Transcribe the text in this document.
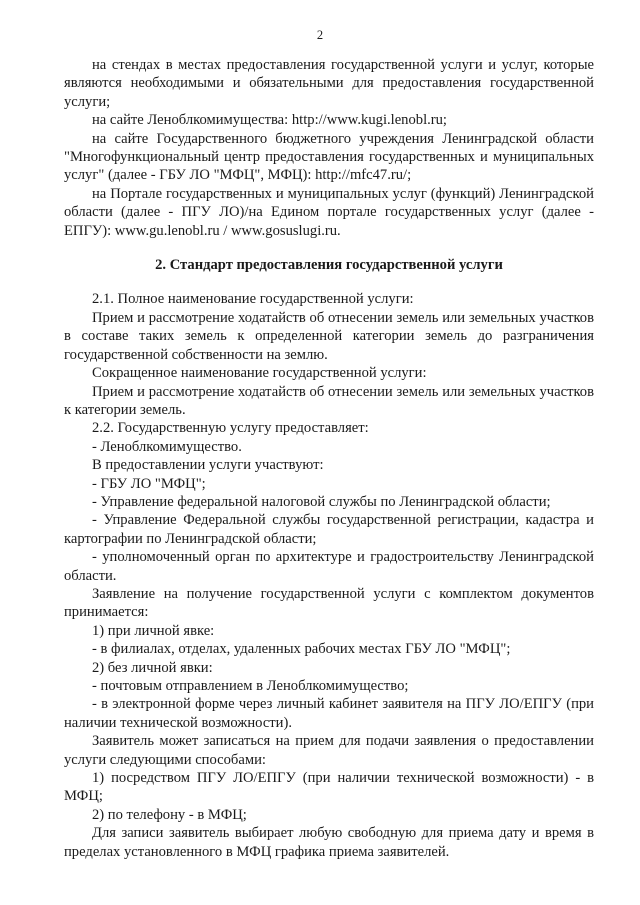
2

на стендах в местах предоставления государственной услуги и услуг, которые являются необходимыми и обязательными для предоставления государственной услуги;

на сайте Леноблкомимущества: http://www.kugi.lenobl.ru;

на сайте Государственного бюджетного учреждения Ленинградской области "Многофункциональный центр предоставления государственных и муниципальных услуг" (далее - ГБУ ЛО "МФЦ", МФЦ): http://mfc47.ru/;

на Портале государственных и муниципальных услуг (функций) Ленинградской области (далее - ПГУ ЛО)/на Едином портале государственных услуг (далее - ЕПГУ): www.gu.lenobl.ru / www.gosuslugi.ru.

2. Стандарт предоставления государственной услуги

2.1. Полное наименование государственной услуги:

Прием и рассмотрение ходатайств об отнесении земель или земельных участков в составе таких земель к определенной категории земель до разграничения государственной собственности на землю.

Сокращенное наименование государственной услуги:

Прием и рассмотрение ходатайств об отнесении земель или земельных участков к категории земель.

2.2. Государственную услугу предоставляет:

- Леноблкомимущество.

В предоставлении услуги участвуют:

- ГБУ ЛО "МФЦ";

- Управление федеральной налоговой службы по Ленинградской области;

- Управление Федеральной службы государственной регистрации, кадастра и картографии по Ленинградской области;

- уполномоченный орган по архитектуре и градостроительству Ленинградской области.

Заявление на получение государственной услуги с комплектом документов принимается:

1) при личной явке:

- в филиалах, отделах, удаленных рабочих местах ГБУ ЛО "МФЦ";

2) без личной явки:

- почтовым отправлением в Леноблкомимущество;

- в электронной форме через личный кабинет заявителя на ПГУ ЛО/ЕПГУ (при наличии технической возможности).

Заявитель может записаться на прием для подачи заявления о предоставлении услуги следующими способами:

1) посредством ПГУ ЛО/ЕПГУ (при наличии технической возможности) - в МФЦ;

2) по телефону - в МФЦ;

Для записи заявитель выбирает любую свободную для приема дату и время в пределах установленного в МФЦ графика приема заявителей.
